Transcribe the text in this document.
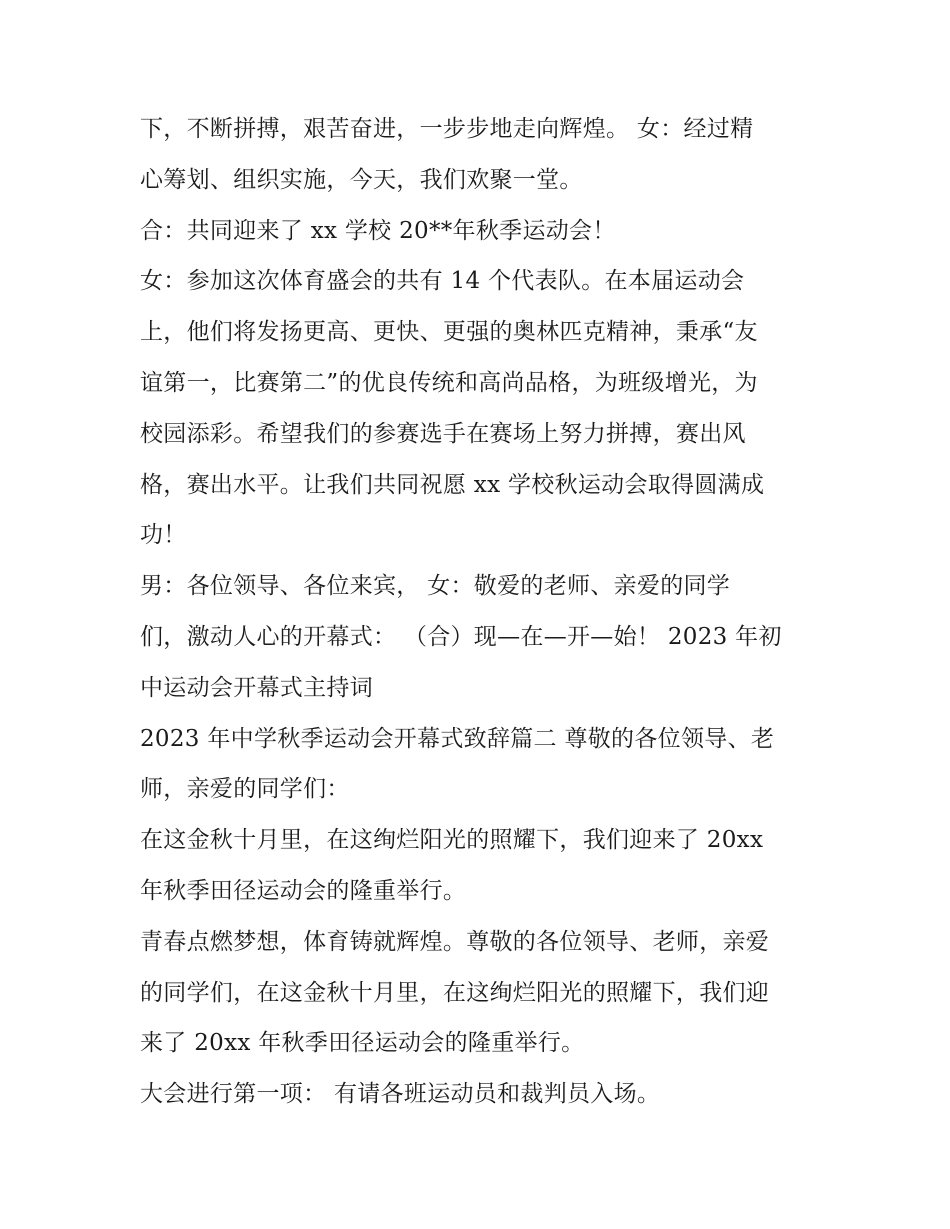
下，不断拼搏，艰苦奋进，一步步地走向辉煌。 女：经过精
心筹划、组织实施，今天，我们欢聚一堂。
合：共同迎来了 xx 学校 20**年秋季运动会！
女：参加这次体育盛会的共有 14 个代表队。在本届运动会
上，他们将发扬更高、更快、更强的奥林匹克精神，秉承“友
谊第一，比赛第二”的优良传统和高尚品格，为班级增光，为
校园添彩。希望我们的参赛选手在赛场上努力拼搏，赛出风
格，赛出水平。让我们共同祝愿 xx 学校秋运动会取得圆满成
功！
男：各位领导、各位来宾， 女：敬爱的老师、亲爱的同学
们，激动人心的开幕式： （合）现—在—开—始！ 2023 年初
中运动会开幕式主持词
2023 年中学秋季运动会开幕式致辞篇二 尊敬的各位领导、老
师，亲爱的同学们：
在这金秋十月里，在这绚烂阳光的照耀下，我们迎来了 20xx
年秋季田径运动会的隆重举行。
青春点燃梦想，体育铸就辉煌。尊敬的各位领导、老师，亲爱
的同学们，在这金秋十月里，在这绚烂阳光的照耀下，我们迎
来了 20xx 年秋季田径运动会的隆重举行。
大会进行第一项： 有请各班运动员和裁判员入场。
